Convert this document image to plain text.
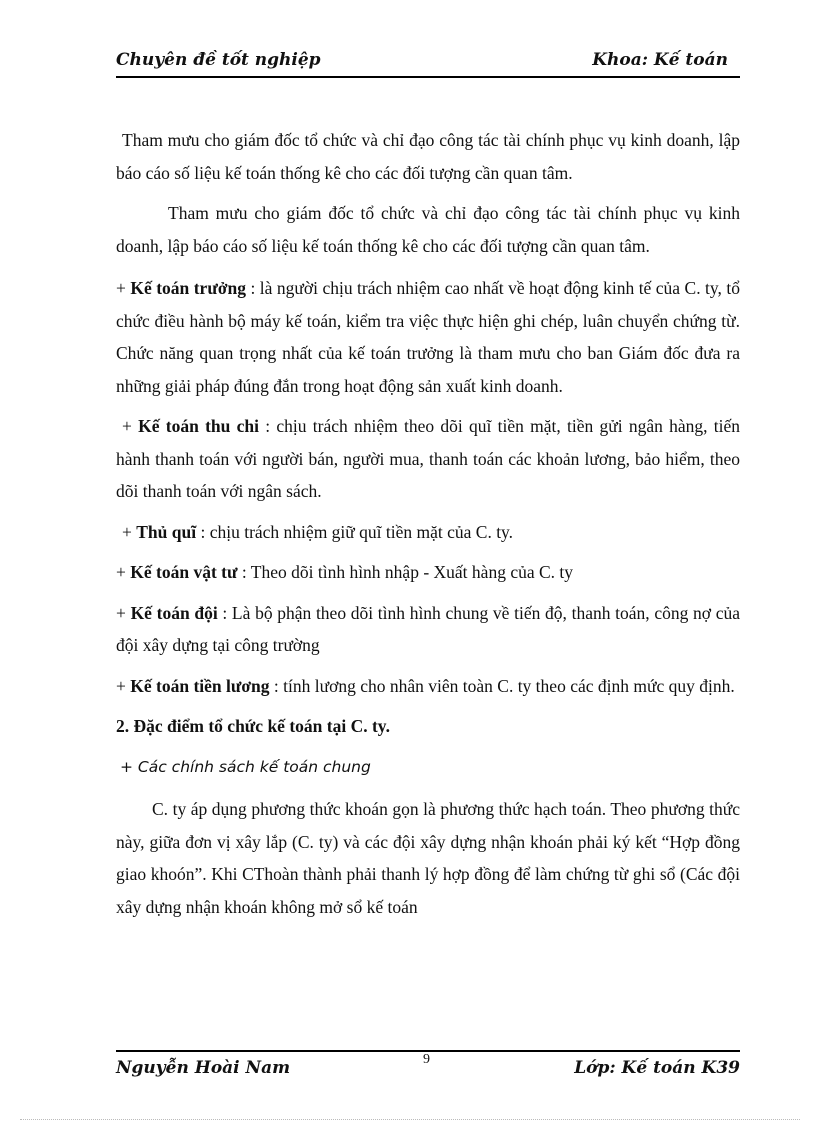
Chuyên đề tốt nghiệp	Khoa: Kế toán

Tham mưu cho giám đốc tổ chức và chỉ đạo công tác tài chính phục vụ kinh doanh, lập báo cáo số liệu kế toán thống kê cho các đối tượng cần quan tâm.

Tham mưu cho giám đốc tổ chức và chỉ đạo công tác tài chính phục vụ kinh doanh, lập báo cáo số liệu kế toán thống kê cho các đối tượng cần quan tâm.

+ Kế toán trưởng : là người chịu trách nhiệm cao nhất về hoạt động kinh tế của C. ty, tổ chức điều hành bộ máy kế toán, kiểm tra việc thực hiện ghi chép, luân chuyển chứng từ. Chức năng quan trọng nhất của kế toán trưởng là tham mưu cho ban Giám đốc đưa ra những giải pháp đúng đắn trong hoạt động sản xuất kinh doanh.

+ Kế toán thu chi : chịu trách nhiệm theo dõi quĩ tiền mặt, tiền gửi ngân hàng, tiến hành thanh toán với người bán, người mua, thanh toán các khoản lương, bảo hiểm, theo dõi thanh toán với ngân sách.

+ Thủ quĩ : chịu trách nhiệm giữ quĩ tiền mặt của C. ty.

+ Kế toán vật tư : Theo dõi tình hình nhập - Xuất hàng của C. ty

+ Kế toán đội : Là bộ phận theo dõi tình hình chung về tiến độ, thanh toán, công nợ của đội xây dựng tại công trường

+ Kế toán tiền lương : tính lương cho nhân viên toàn C. ty theo các định mức quy định.

2. Đặc điểm tổ chức kế toán tại C. ty.
+ Các chính sách kế toán chung

C. ty áp dụng phương thức khoán gọn là phương thức hạch toán. Theo phương thức này, giữa đơn vị xây lắp (C. ty) và các đội xây dựng nhận khoán phải ký kết “Hợp đồng giao khoón”. Khi CThoàn thành phải thanh lý hợp đồng để làm chứng từ ghi sổ (Các đội xây dựng nhận khoán không mở sổ kế toán

Nguyễn Hoài Nam	9	Lớp: Kế toán K39
